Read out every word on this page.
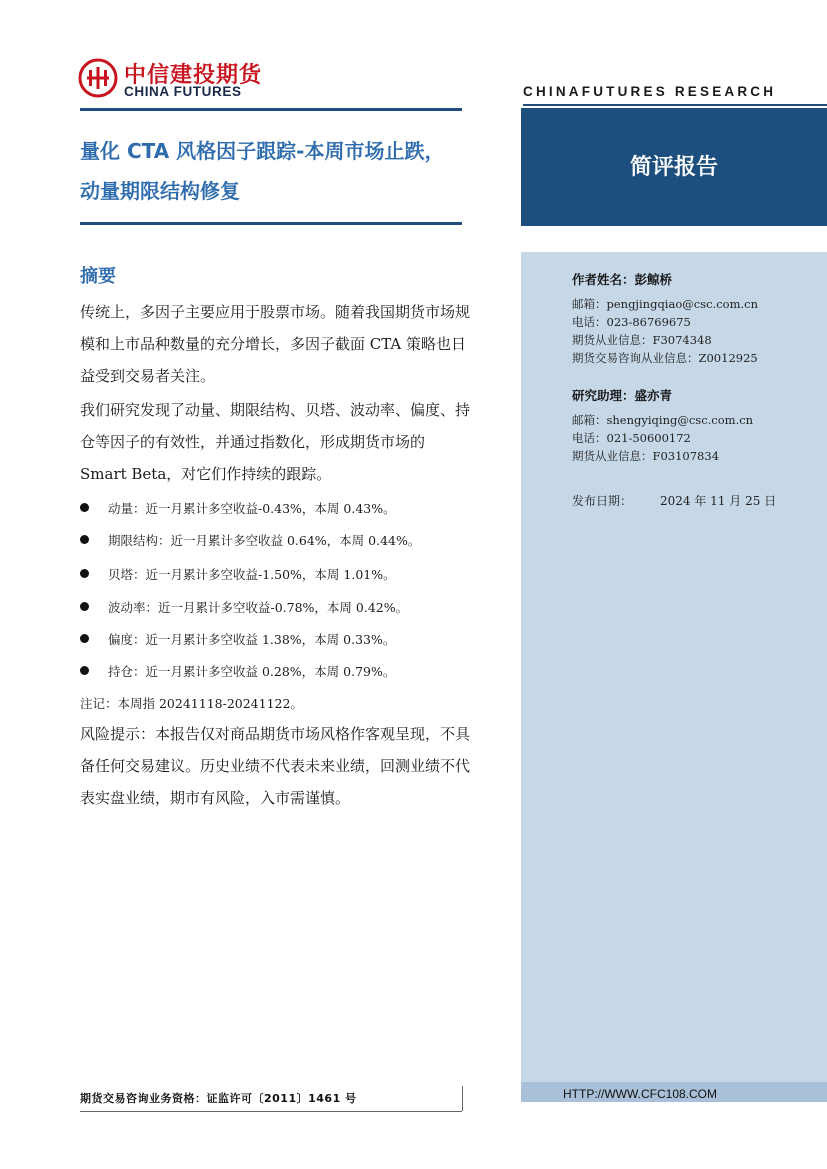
中信建投期货
CHINA FUTURES	CHINAFUTURES RESEARCH
量化 CTA 风格因子跟踪-本周市场止跌，
动量期限结构修复
简评报告
作者姓名：彭鲸桥
邮箱：pengjingqiao@csc.com.cn
电话：023-86769675
期货从业信息：F3074348
期货交易咨询从业信息：Z0012925
研究助理：盛亦青
邮箱：shengyiqing@csc.com.cn
电话：021-50600172
期货从业信息：F03107834
发布日期： 2024 年 11 月 25 日
摘要
传统上，多因子主要应用于股票市场。随着我国期货市场规模和上市品种数量的充分增长，多因子截面 CTA 策略也日益受到交易者关注。
我们研究发现了动量、期限结构、贝塔、波动率、偏度、持仓等因子的有效性，并通过指数化，形成期货市场的 Smart Beta，对它们作持续的跟踪。
动量：近一月累计多空收益-0.43%，本周 0.43%。
期限结构：近一月累计多空收益 0.64%，本周 0.44%。
贝塔：近一月累计多空收益-1.50%，本周 1.01%。
波动率：近一月累计多空收益-0.78%，本周 0.42%。
偏度：近一月累计多空收益 1.38%，本周 0.33%。
持仓：近一月累计多空收益 0.28%，本周 0.79%。
注记：本周指 20241118-20241122。
风险提示：本报告仅对商品期货市场风格作客观呈现，不具备任何交易建议。历史业绩不代表未来业绩，回测业绩不代表实盘业绩，期市有风险，入市需谨慎。
期货交易咨询业务资格：证监许可〔2011〕1461 号	HTTP://WWW.CFC108.COM
